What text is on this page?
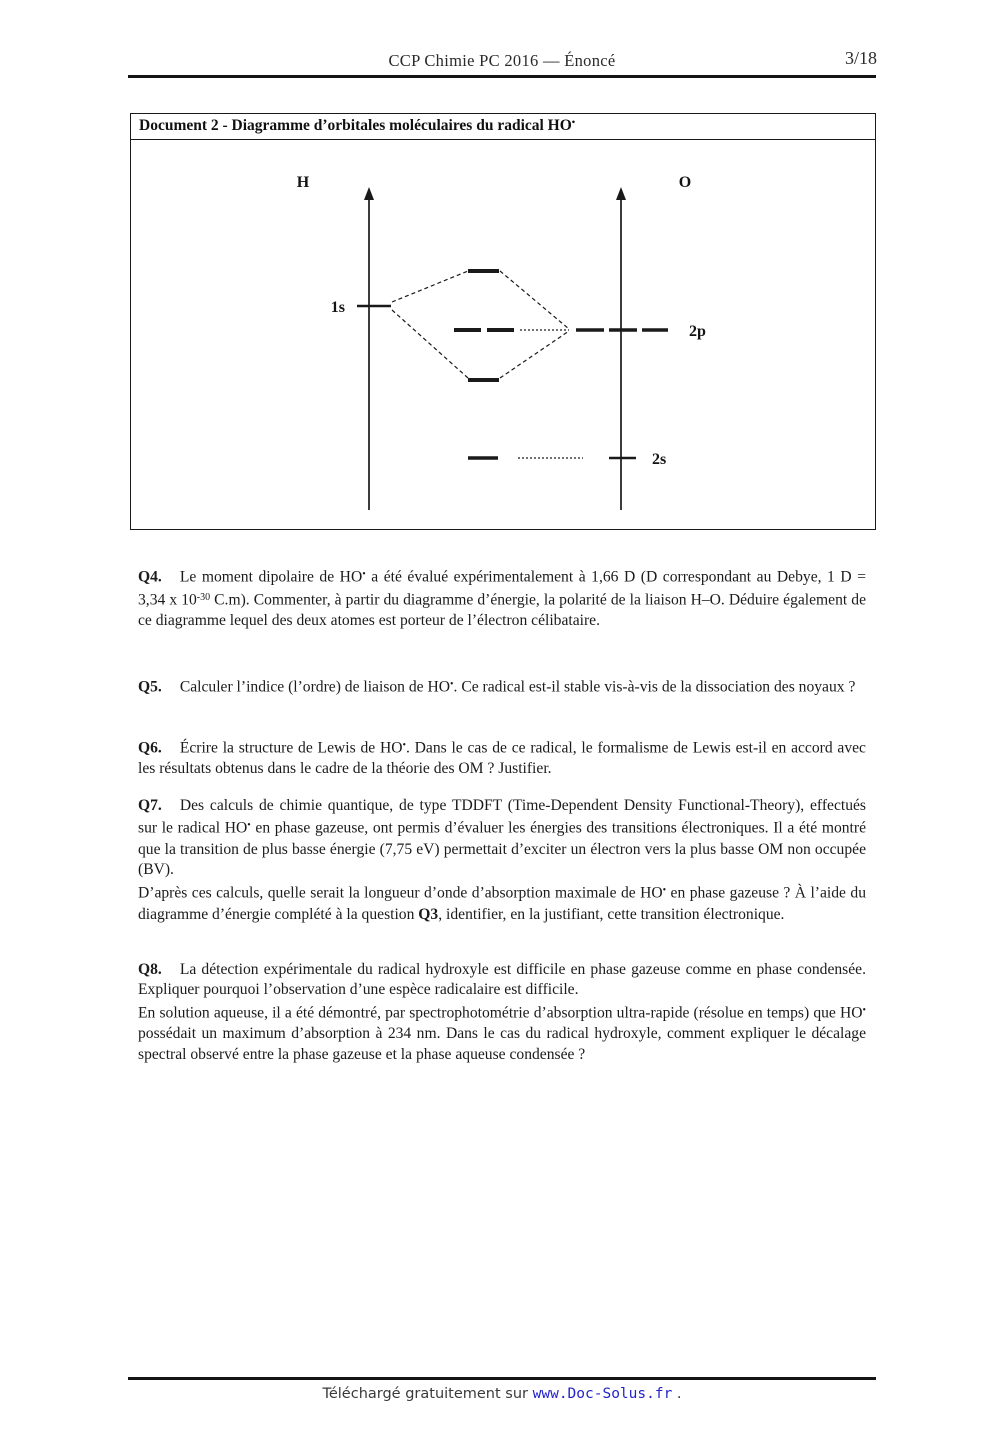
CCP Chimie PC 2016 — Énoncé	3/18
Document 2 - Diagramme d’orbitales moléculaires du radical HO•
H	O
1s
2p
2s

Q4. Le moment dipolaire de HO• a été évalué expérimentalement à 1,66 D (D correspondant au Debye, 1 D = 3,34 x $10^{-30}$ C.m). Commenter, à partir du diagramme d’énergie, la polarité de la liaison H–O. Déduire également de ce diagramme lequel des deux atomes est porteur de l’électron célibataire.

Q5. Calculer l’indice (l’ordre) de liaison de HO•. Ce radical est-il stable vis-à-vis de la dissociation des noyaux ?

Q6. Écrire la structure de Lewis de HO•. Dans le cas de ce radical, le formalisme de Lewis est-il en accord avec les résultats obtenus dans le cadre de la théorie des OM ? Justifier.

Q7. Des calculs de chimie quantique, de type TDDFT (Time-Dependent Density Functional-Theory), effectués sur le radical HO• en phase gazeuse, ont permis d’évaluer les énergies des transitions électroniques. Il a été montré que la transition de plus basse énergie (7,75 eV) permettait d’exciter un électron vers la plus basse OM non occupée (BV).
D’après ces calculs, quelle serait la longueur d’onde d’absorption maximale de HO• en phase gazeuse ? À l’aide du diagramme d’énergie complété à la question Q3, identifier, en la justifiant, cette transition électronique.

Q8. La détection expérimentale du radical hydroxyle est difficile en phase gazeuse comme en phase condensée. Expliquer pourquoi l’observation d’une espèce radicalaire est difficile.
En solution aqueuse, il a été démontré, par spectrophotométrie d’absorption ultra-rapide (résolue en temps) que HO• possédait un maximum d’absorption à 234 nm. Dans le cas du radical hydroxyle, comment expliquer le décalage spectral observé entre la phase gazeuse et la phase aqueuse condensée ?

Téléchargé gratuitement sur www.Doc-Solus.fr .
